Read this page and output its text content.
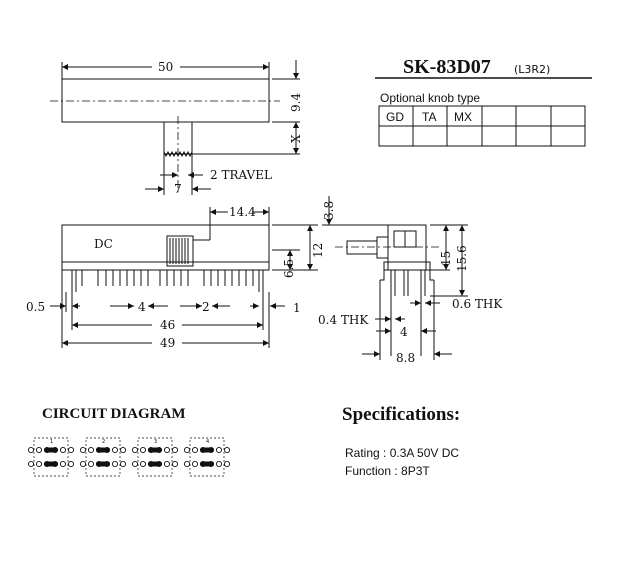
SK-83D07 (L3R2)
Optional knob type
GD TA MX
50
9.4
X
2 TRAVEL
7
DC
14.4
12
6.5
0.5	4	2	1
46
49
3.8
15 15.6
0.4 THK
0.6 THK
4
8.8
CIRCUIT DIAGRAM
1	2	3	4
Specifications:
Rating : 0.3A 50V DC
Function : 8P3T
